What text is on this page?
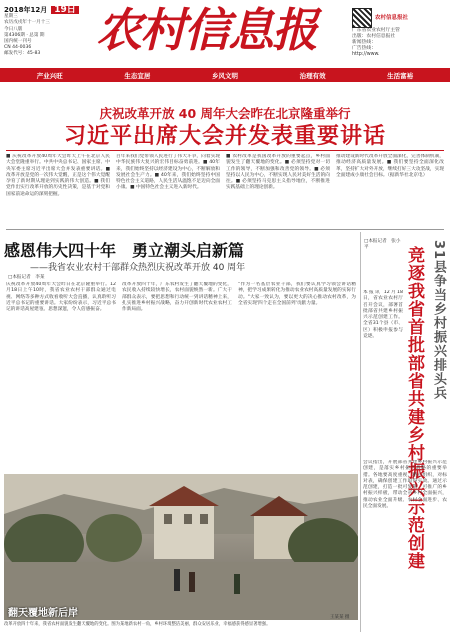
2018年12月 19日
星期三
农历戊戌年十一月十三
今日八版
第4306期 · 总第 期
国内统一刊号
CN 44-0036
邮发代号：45-83	农村信息报	农村信息报社
广东省农业农村厅主管
出版：农村信息报社
新闻热线：
广告热线：
http://www.
产业兴旺	生态宜居	乡风文明	治理有效	生活富裕
庆祝改革开放 40 周年大会昨在北京隆重举行
习近平出席大会并发表重要讲话
■ 庆祝改革开放40周年大会昨天上午在北京人民大会堂隆重举行。中共中央总书记、国家主席、中央军委主席习近平出席大会并发表重要讲话。■ 改革开放是党的一次伟大觉醒，正是这个伟大觉醒孕育了新时期从理论到实践的伟大创造。■ 我们党作出实行改革开放的历史性决策，是基于对党和国家前途命运的深刻把握。
百年来我们党带领人民进行了伟大斗争，向着实现中华民族伟大复兴的宏伟目标奋勇前进。■ 40年来，我们始终坚持以经济建设为中心，不断解放和发展社会生产力。■ 40年来，我们始终坚持中国特色社会主义道路，人民生活从温饱不足迈向全面小康。■ 中国特色社会主义进入新时代。
■ 农村改革是我国改革开放的重要起点，乡村面貌发生了翻天覆地的变化。■ 必须坚持党对一切工作的领导，不断加强和改善党的领导。■ 必须坚持以人民为中心，不断实现人民对美好生活的向往。■ 必须坚持马克思主义指导地位，不断推进实践基础上的理论创新。
推动建设新时代改革开放全面深化，完善体制机制，推动经济高质量发展。■ 我们要坚持全面深化改革，坚持扩大对外开放，继续打好三大攻坚战，实现全面建成小康社会目标。（据新华社北京电）
感恩伟大四十年　勇立潮头启新篇
——我省农业农村干部群众热烈庆祝改革开放 40 周年
□本报记者　李某
庆祝改革开放40周年大会昨日在北京隆重举行。12月18日上午10时，我省农业农村干部群众通过电视、网络等多种方式收看收听大会直播，认真聆听习近平总书记的重要讲话。大家纷纷表示，习近平总书记的讲话高屋建瓴、思想深邃，令人倍感振奋。
改革开放四十年，广东农村发生了翻天覆地的变化，农民收入持续较快增长，农村面貌焕然一新。广大干部群众表示，要把思想和行动统一到讲话精神上来，扎实推进乡村振兴战略，奋力开创新时代农业农村工作新局面。
"作为一名基层农业干部，我们要认真学习领会讲话精神，把学习成果转化为推动农业农村高质量发展的实际行动。"大家一致认为，要以更大的决心推动农村改革，为全省实现'四个走在全国前列'贡献力量。
翻天覆地新后岸
改革开放四十年来，我省农村面貌发生翻天覆地的变化。图为某地新农村一角，乡村环境整洁美丽，群众安居乐业，幸福感获得感显著增强。
王某某 摄
31县争当乡村振兴排头兵
竞逐我省首批部省共建乡村振兴示范创建
□本报记者　张小平
本报讯 12月18日，省农业农村厅召开会议，部署首批部省共建乡村振兴示范创建工作。全省31个县（市、区）积极申报参与竞逐。
会议指出，开展部省共建乡村振兴示范创建，是落实乡村振兴战略的重要举措。各地要高度重视，精心组织，对标对表，确保创建工作取得实效。通过示范创建，打造一批可复制、可推广的乡村振兴样板，带动全省乡村全面振兴，推动农业全面升级、农村全面进步、农民全面发展。
